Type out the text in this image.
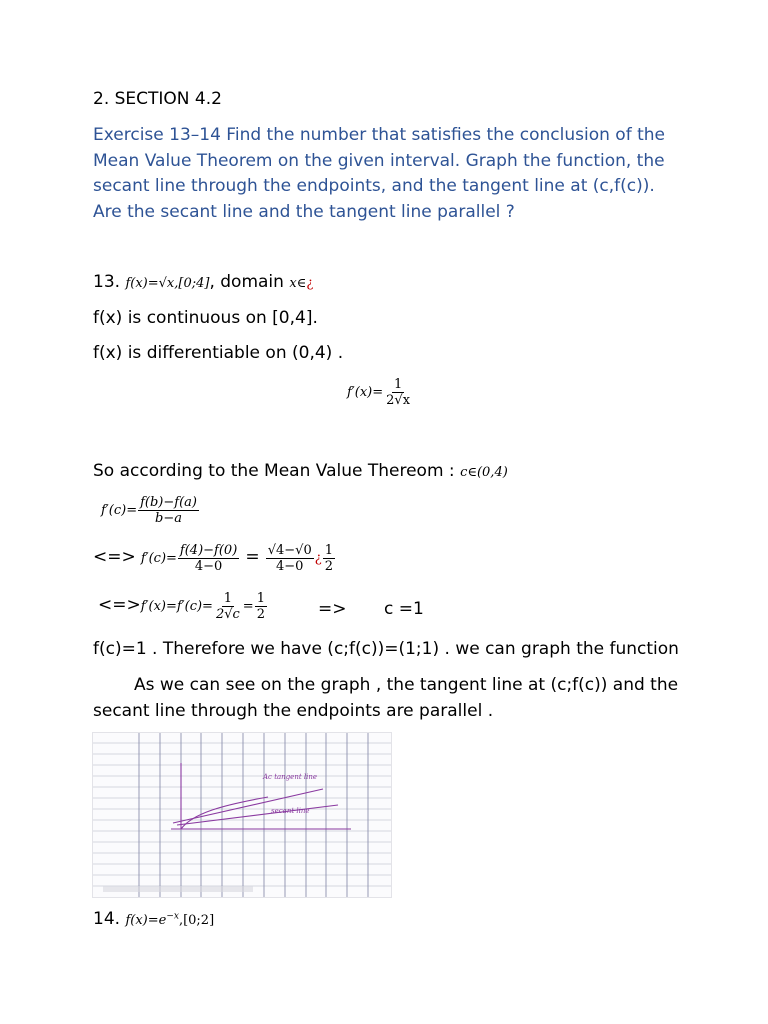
2. SECTION 4.2
Exercise 13–14 Find the number that satisfies the conclusion of the Mean Value Theorem on the given interval. Graph the function, the secant line through the endpoints, and the tangent line at (c,f(c)). Are the secant line and the tangent line parallel ?
13. f(x)=√x,[0;4], domain x∈¿
f(x) is continuous on [0,4].
f(x) is differentiable on (0,4) .
$f'(x)= \frac{1}{2√x}$
So according to the Mean Value Thereom : c∈(0,4)
$f'(c)= \frac{f(b)-f(a)}{b-a}$
<=> $f'(c)= \frac{f(4)-f(0)}{4-0} = \frac{√4-√0}{4-0}$ ¿ $\frac{1}{2}$
$<=>f'(x)=f'(c)= \frac{1}{2√c} = \frac{1}{2}$	=> c =1
f(c)=1 . Therefore we have (c;f(c))=(1;1) . we can graph the function
As we can see on the graph , the tangent line at (c;f(c)) and the
secant line through the endpoints are parallel .
Ac tangent line
secant line
14. $f(x)=e^{-x},[0;2]$
